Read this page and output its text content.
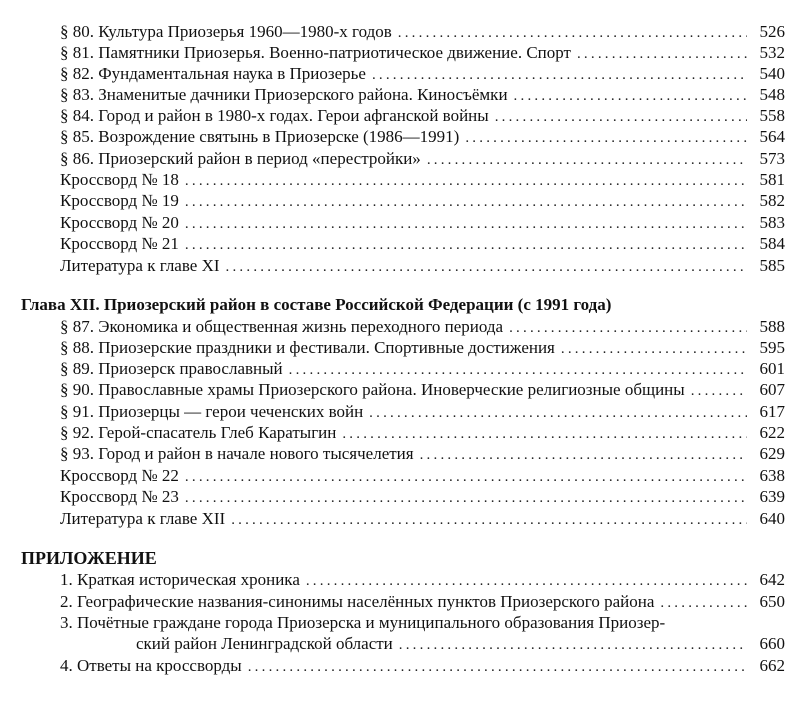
§ 80. Культура Приозерья 1960—1980-х годов .....	526
§ 81. Памятники Приозерья. Военно-патриотическое движение. Спорт .....	532
§ 82. Фундаментальная наука в Приозерье .....	540
§ 83. Знаменитые дачники Приозерского района. Киносъёмки .....	548
§ 84. Город и район в 1980-х годах. Герои афганской войны .....	558
§ 85. Возрождение святынь в Приозерске (1986—1991) .....	564
§ 86. Приозерский район в период «перестройки» .....	573
Кроссворд № 18 .....	581
Кроссворд № 19 .....	582
Кроссворд № 20 .....	583
Кроссворд № 21 .....	584
Литература к главе XI .....	585
Глава XII. Приозерский район в составе Российской Федерации (с 1991 года)
§ 87. Экономика и общественная жизнь переходного периода .....	588
§ 88. Приозерские праздники и фестивали. Спортивные достижения .....	595
§ 89. Приозерск православный .....	601
§ 90. Православные храмы Приозерского района. Иноверческие религиозные общины .....	607
§ 91. Приозерцы — герои чеченских войн .....	617
§ 92. Герой-спасатель Глеб Каратыгин .....	622
§ 93. Город и район в начале нового тысячелетия .....	629
Кроссворд № 22 .....	638
Кроссворд № 23 .....	639
Литература к главе XII .....	640
ПРИЛОЖЕНИЕ
1. Краткая историческая хроника .....	642
2. Географические названия-синонимы населённых пунктов Приозерского района .....	650
3. Почётные граждане города Приозерска и муниципального образования Приозер-
ский район Ленинградской области .....	660
4. Ответы на кроссворды .....	662
